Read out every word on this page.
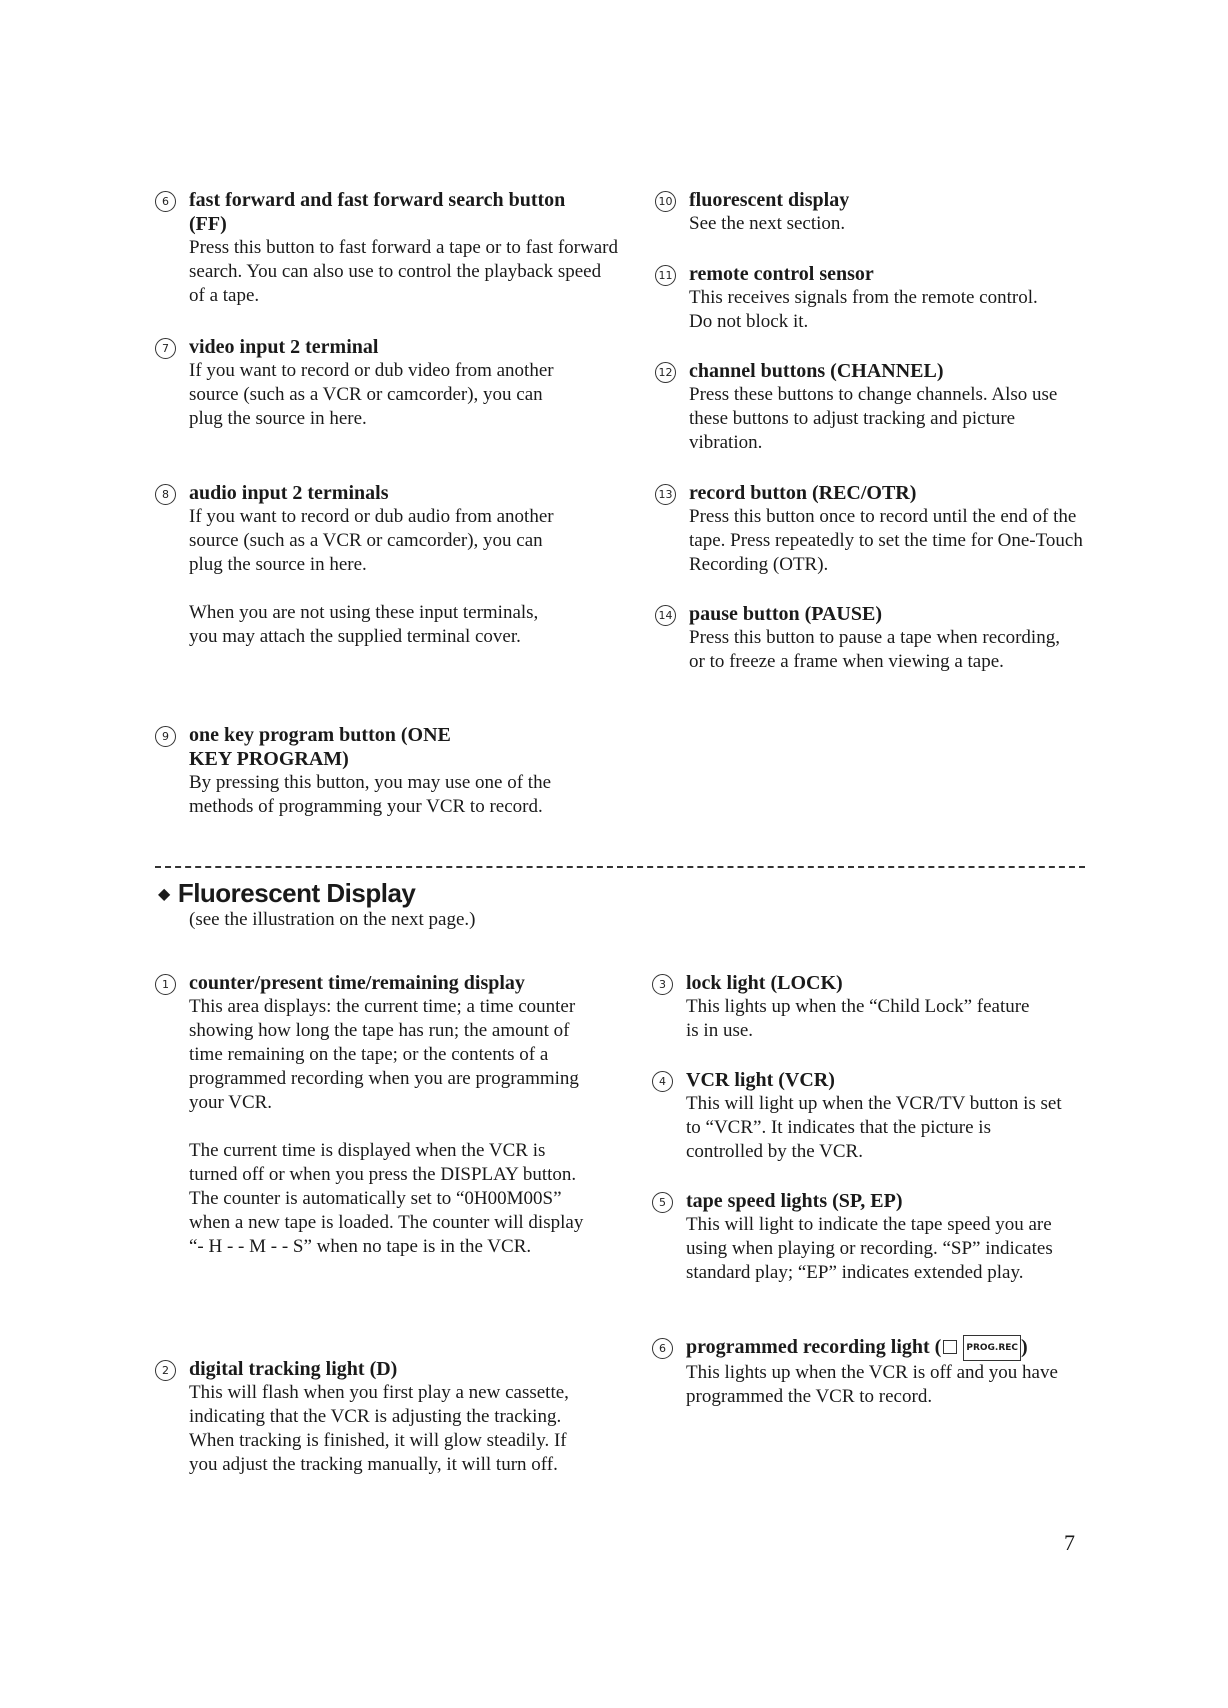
6	fast forward and fast forward search button (FF)

Press this button to fast forward a tape or to fast forward search. You can also use to control the playback speed of a tape.

7	video input 2 terminal

If you want to record or dub video from another source (such as a VCR or camcorder), you can plug the source in here.

8	audio input 2 terminals

If you want to record or dub audio from another source (such as a VCR or camcorder), you can plug the source in here.

When you are not using these input terminals, you may attach the supplied terminal cover.

9	one key program button (ONE KEY PROGRAM)

By pressing this button, you may use one of the methods of programming your VCR to record.

10 fluorescent display

See the next section.

11 remote control sensor

This receives signals from the remote control. Do not block it.

12 channel buttons (CHANNEL)

Press these buttons to change channels. Also use these buttons to adjust tracking and picture vibration.

13 record button (REC/OTR)

Press this button once to record until the end of the tape. Press repeatedly to set the time for One-Touch Recording (OTR).

14 pause button (PAUSE)

Press this button to pause a tape when recording, or to freeze a frame when viewing a tape.

◆ Fluorescent Display
(see the illustration on the next page.)
1	counter/present time/remaining display

This area displays: the current time; a time counter showing how long the tape has run; the amount of time remaining on the tape; or the contents of a programmed recording when you are programming your VCR.

The current time is displayed when the VCR is turned off or when you press the DISPLAY button. The counter is automatically set to “0H00M00S” when a new tape is loaded. The counter will display “- H - - M - - S” when no tape is in the VCR.

2	digital tracking light (D)

This will flash when you first play a new cassette, indicating that the VCR is adjusting the tracking. When tracking is finished, it will glow steadily. If you adjust the tracking manually, it will turn off.

3	lock light (LOCK)

This lights up when the “Child Lock” feature is in use.

4	VCR light (VCR)

This will light up when the VCR/TV button is set to “VCR”. It indicates that the picture is controlled by the VCR.

5	tape speed lights (SP, EP)

This will light to indicate the tape speed you are using when playing or recording. “SP” indicates standard play; “EP” indicates extended play.

6	programmed recording light (	PROG.REC )

This lights up when the VCR is off and you have programmed the VCR to record.

7
